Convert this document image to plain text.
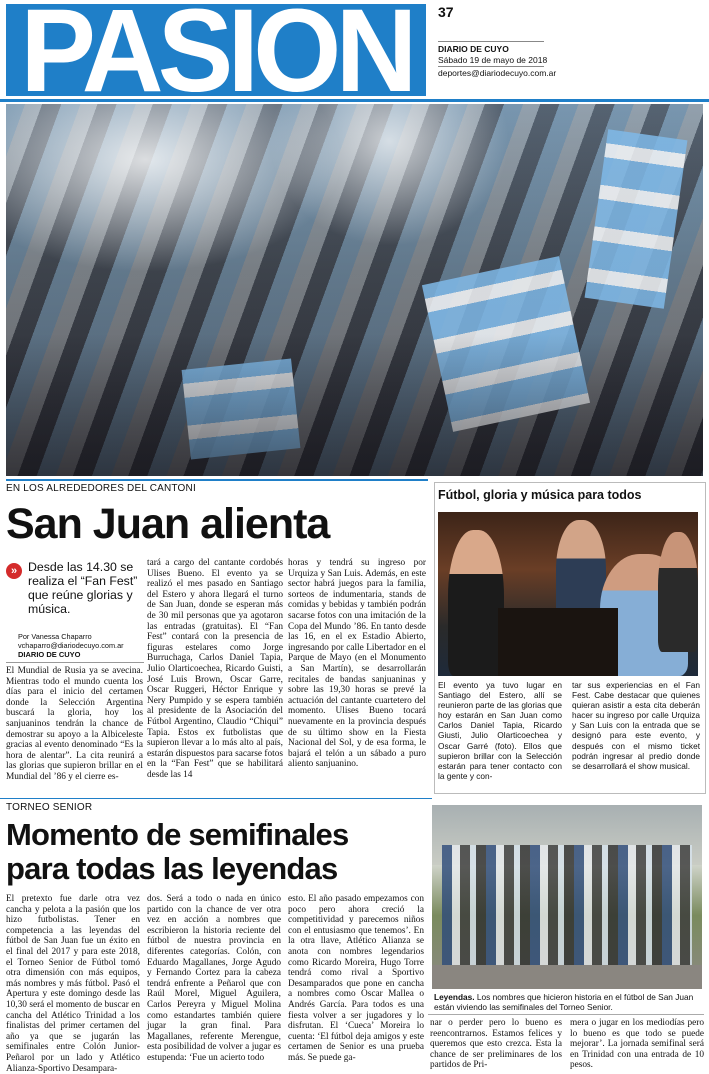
PASION	37
DIARIO DE CUYO
Sábado 19 de mayo de 2018
deportes@diariodecuyo.com.ar
EN LOS ALREDEDORES DEL CANTONI
San Juan alienta
» Desde las 14.30 se realiza el “Fan Fest” que reúne glorias y música.
Por Vanessa Chaparro
vchaparro@diariodecuyo.com.ar
DIARIO DE CUYO

El Mundial de Rusia ya se avecina. Mientras todo el mundo cuenta los días para el inicio del certamen donde la Selección Argentina buscará la gloria, hoy los sanjuaninos tendrán la chance de demostrar su apoyo a la Albiceleste gracias al evento denominado “Es la hora de alentar”. La cita reunirá a las glorias que supieron brillar en el Mundial del ’86 y el cierre es-

tará a cargo del cantante cordobés Ulises Bueno. El evento ya se realizó el mes pasado en Santiago del Estero y ahora llegará el turno de San Juan, donde se esperan más de 30 mil personas que ya agotaron las entradas (gratuitas). El “Fan Fest” contará con la presencia de figuras estelares como Jorge Burruchaga, Carlos Daniel Tapia, Julio Olarticoechea, Ricardo Guisti, José Luis Brown, Oscar Garre, Oscar Ruggeri, Héctor Enrique y Nery Pumpido y se espera también al presidente de la Asociación del Fútbol Argentino, Claudio “Chiqui” Tapia. Estos ex futbolistas que supieron llevar a lo más alto al país, estarán dispuestos para sacarse fotos en la “Fan Fest” que se habilitará desde las 14

horas y tendrá su ingreso por Urquiza y San Luis. Además, en este sector habrá juegos para la familia, sorteos de indumentaria, stands de comidas y bebidas y también podrán sacarse fotos con una imitación de la Copa del Mundo ’86. En tanto desde las 16, en el ex Estadio Abierto, ingresando por calle Libertador en el Parque de Mayo (en el Monumento a San Martín), se desarrollarán recitales de bandas sanjuaninas y sobre las 19,30 horas se prevé la actuación del cantante cuartetero del momento. Ulises Bueno tocará nuevamente en la provincia después de su último show en la Fiesta Nacional del Sol, y de esa forma, le bajará el telón a un sábado a puro aliento sanjuanino.

Fútbol, gloria y música para todos
El evento ya tuvo lugar en Santiago del Estero, allí se reunieron parte de las glorias que hoy estarán en San Juan como Carlos Daniel Tapia, Ricardo Giusti, Julio Olarticoechea y Oscar Garré (foto). Ellos que supieron brillar con la Selección estarán para tener contacto con la gente y con-
tar sus experiencias en el Fan Fest. Cabe destacar que quienes quieran asistir a esta cita deberán hacer su ingreso por calle Urquiza y San Luis con la entrada que se designó para este evento, y después con el mismo ticket podrán ingresar al predio donde se desarrollará el show musical.
TORNEO SENIOR
Momento de semifinales
para todas las leyendas

El pretexto fue darle otra vez cancha y pelota a la pasión que los hizo futbolistas. Tener en competencia a las leyendas del fútbol de San Juan fue un éxito en el final del 2017 y para este 2018, el Torneo Senior de Fútbol tomó otra dimensión con más equipos, más nombres y más fútbol. Pasó el Apertura y este domingo desde las 10,30 será el momento de buscar en cancha del Atlético Trinidad a los finalistas del primer certamen del año ya que se jugarán las semifinales entre Colón Junior-Peñarol por un lado y Atlético Alianza-Sportivo Desampara-

dos. Será a todo o nada en único partido con la chance de ver otra vez en acción a nombres que escribieron la historia reciente del fútbol de nuestra provincia en diferentes categorías. Colón, con Eduardo Magallanes, Jorge Agudo y Fernando Cortez para la cabeza tendrá enfrente a Peñarol que con Raúl Morel, Miguel Aguilera, Carlos Pereyra y Miguel Molina como estandartes también quiere jugar la gran final. Para Magallanes, referente Merengue, esta posibilidad de volver a jugar es estupenda: ‘Fue un acierto todo

esto. El año pasado empezamos con poco pero ahora creció la competitividad y parecemos niños con el entusiasmo que tenemos’. En la otra llave, Atlético Alianza se anota con nombres legendarios como Ricardo Moreira, Hugo Torre tendrá como rival a Sportivo Desamparados que pone en cancha a nombres como Oscar Mallea o Andrés García. Para todos es una fiesta volver a ser jugadores y lo disfrutan. El ‘Cueca’ Moreira lo cuenta: ‘El fútbol deja amigos y este certamen de Senior es una prueba más. Se puede ga-

Leyendas. Los nombres que hicieron historia en el fútbol de San Juan están viviendo las semifinales del Torneo Senior.

nar o perder pero lo bueno es reencontrarnos. Estamos felices y queremos que esto crezca. Esta la chance de ser preliminares de los partidos de Pri-

mera o jugar en los mediodías pero lo bueno es que todo se puede mejorar’. La jornada semifinal será en Trinidad con una entrada de 10 pesos.
